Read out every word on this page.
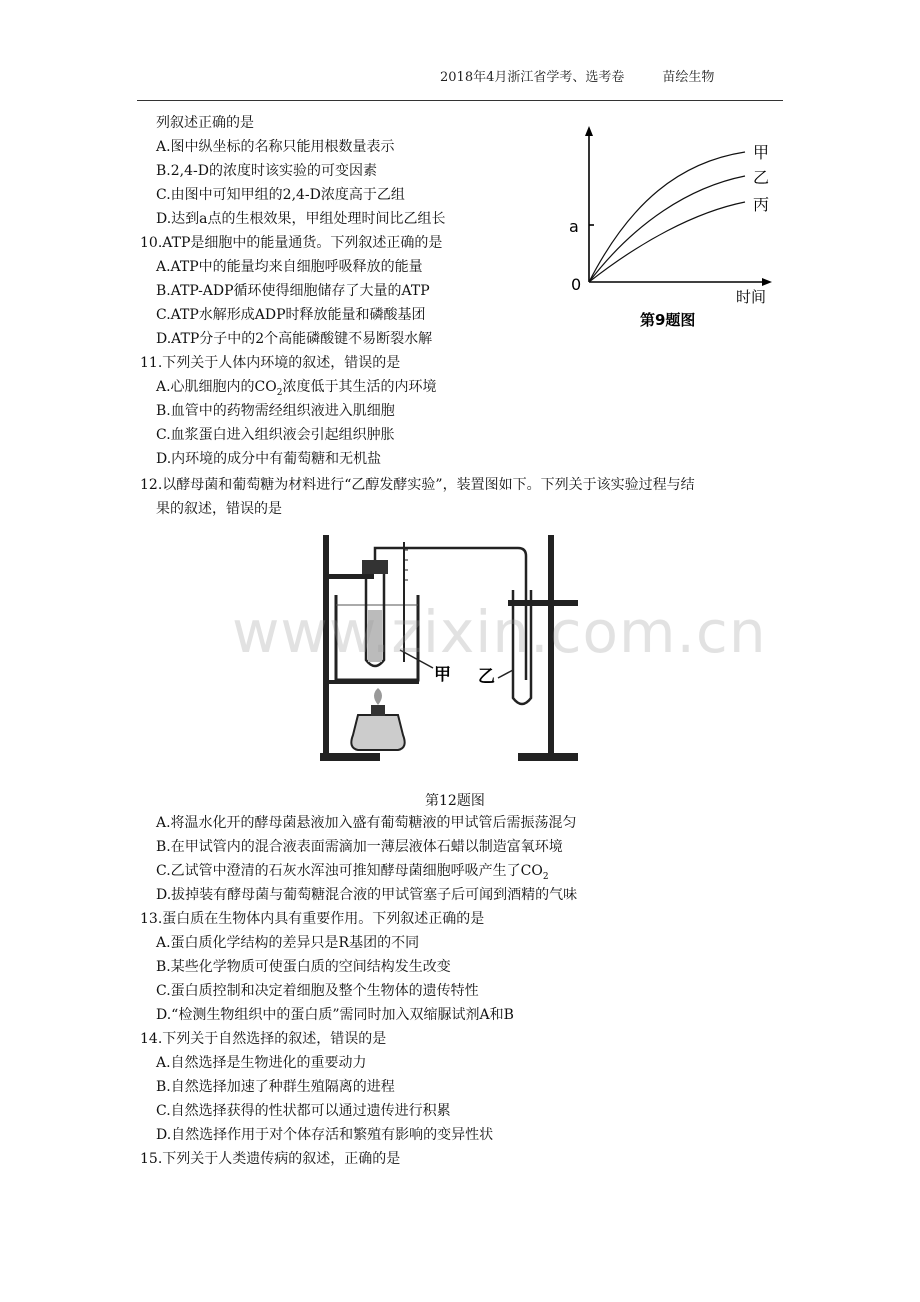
2018年4月浙江省学考、选考卷	苗绘生物
列叙述正确的是
A.图中纵坐标的名称只能用根数量表示
B.2,4-D的浓度时该实验的可变因素
C.由图中可知甲组的2,4-D浓度高于乙组
D.达到a点的生根效果，甲组处理时间比乙组长
甲
乙
丙
a
0
时间
第9题图
10.ATP是细胞中的能量通货。下列叙述正确的是
A.ATP中的能量均来自细胞呼吸释放的能量
B.ATP-ADP循环使得细胞储存了大量的ATP
C.ATP水解形成ADP时释放能量和磷酸基团
D.ATP分子中的2个高能磷酸键不易断裂水解
11.下列关于人体内环境的叙述，错误的是
A.心肌细胞内的$CO_2$浓度低于其生活的内环境
B.血管中的药物需经组织液进入肌细胞
C.血浆蛋白进入组织液会引起组织肿胀
D.内环境的成分中有葡萄糖和无机盐
12.以酵母菌和葡萄糖为材料进行“乙醇发酵实验”，装置图如下。下列关于该实验过程与结
果的叙述，错误的是
甲 乙
www.zixin.com.cn
第12题图
A.将温水化开的酵母菌悬液加入盛有葡萄糖液的甲试管后需振荡混匀
B.在甲试管内的混合液表面需滴加一薄层液体石蜡以制造富氧环境
C.乙试管中澄清的石灰水浑浊可推知酵母菌细胞呼吸产生了$CO_2$
D.拔掉装有酵母菌与葡萄糖混合液的甲试管塞子后可闻到酒精的气味
13.蛋白质在生物体内具有重要作用。下列叙述正确的是
A.蛋白质化学结构的差异只是R基团的不同
B.某些化学物质可使蛋白质的空间结构发生改变
C.蛋白质控制和决定着细胞及整个生物体的遗传特性
D.“检测生物组织中的蛋白质”需同时加入双缩脲试剂A和B
14.下列关于自然选择的叙述，错误的是
A.自然选择是生物进化的重要动力
B.自然选择加速了种群生殖隔离的进程
C.自然选择获得的性状都可以通过遗传进行积累
D.自然选择作用于对个体存活和繁殖有影响的变异性状
15.下列关于人类遗传病的叙述，正确的是
